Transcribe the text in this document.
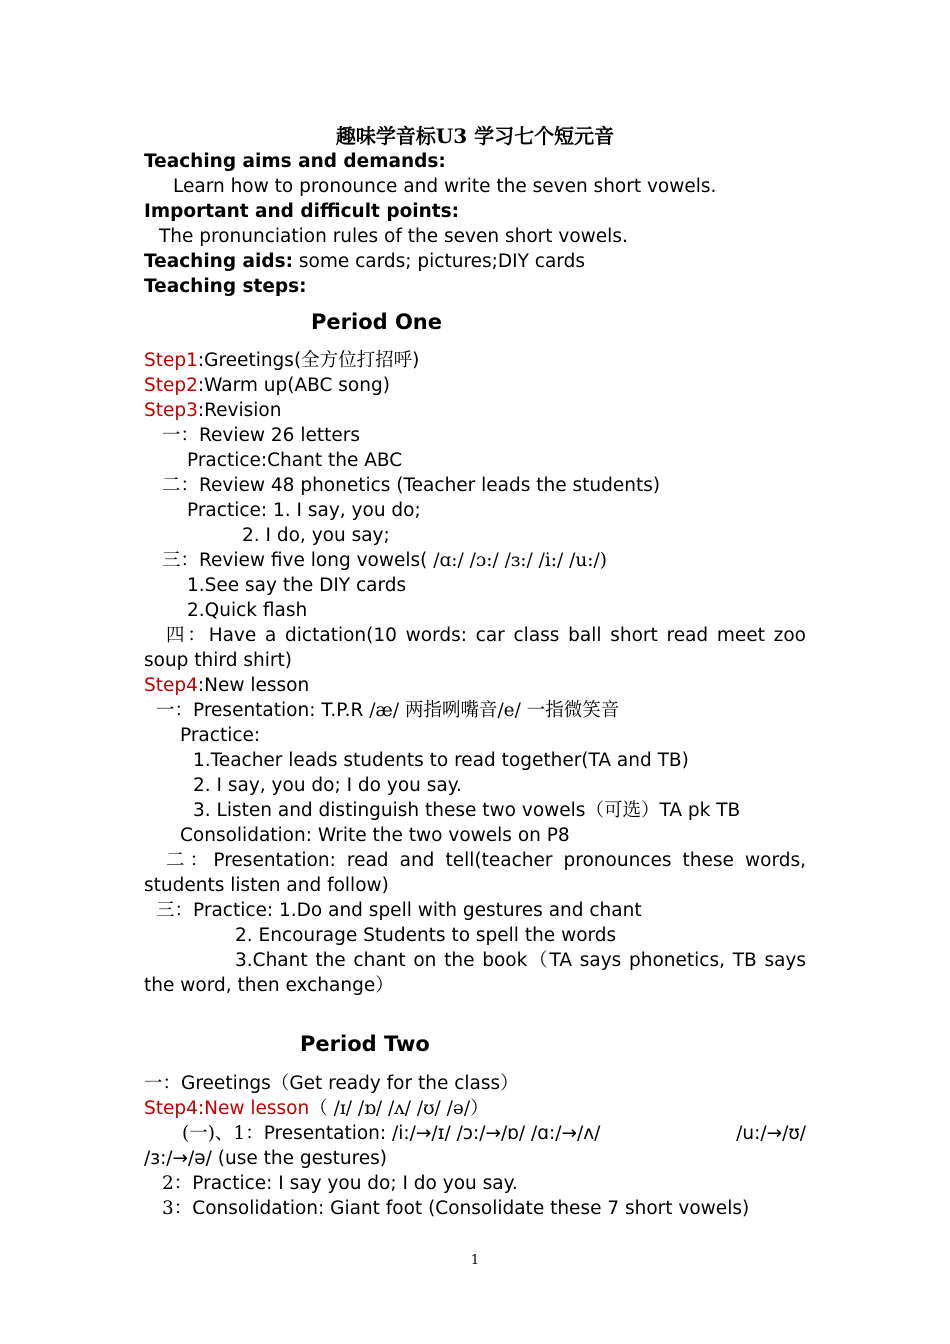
趣味学音标U3 学习七个短元音
Teaching aims and demands:
Learn how to pronounce and write the seven short vowels.
Important and difficult points:
The pronunciation rules of the seven short vowels.
Teaching aids: some cards; pictures;DIY cards
Teaching steps:
Period One
Step1:Greetings(全方位打招呼)
Step2:Warm up(ABC song)
Step3:Revision
一：Review 26 letters
Practice:Chant the ABC
二：Review 48 phonetics (Teacher leads the students)
Practice: 1. I say, you do;
2. I do, you say;
三：Review five long vowels( /ɑ:/ /ɔ:/ /ɜ:/ /i:/ /u:/)
1.See say the DIY cards
2.Quick flash
四：Have a dictation(10 words: car class ball short read meet zoo
soup third shirt)
Step4:New lesson
一：Presentation: T.P.R /æ/ 两指咧嘴音/e/ 一指微笑音
Practice:
1.Teacher leads students to read together(TA and TB)
2. I say, you do; I do you say.
3. Listen and distinguish these two vowels（可选）TA pk TB
Consolidation: Write the two vowels on P8
二：Presentation: read and tell(teacher pronounces these words,
students listen and follow)
三：Practice: 1.Do and spell with gestures and chant
2. Encourage Students to spell the words
3.Chant the chant on the book（TA says phonetics, TB says
the word, then exchange）
Period Two
一：Greetings（Get ready for the class）
Step4:New lesson（ /ɪ/ /ɒ/ /ʌ/ /ʊ/ /ə/）
(一)、1：Presentation: /i:/→/ɪ/ /ɔ:/→/ɒ/ /ɑ:/→/ʌ/	/u:/→/ʊ/
/ɜ:/→/ə/ (use the gestures)
2：Practice: I say you do; I do you say.
3：Consolidation: Giant foot (Consolidate these 7 short vowels)
1
